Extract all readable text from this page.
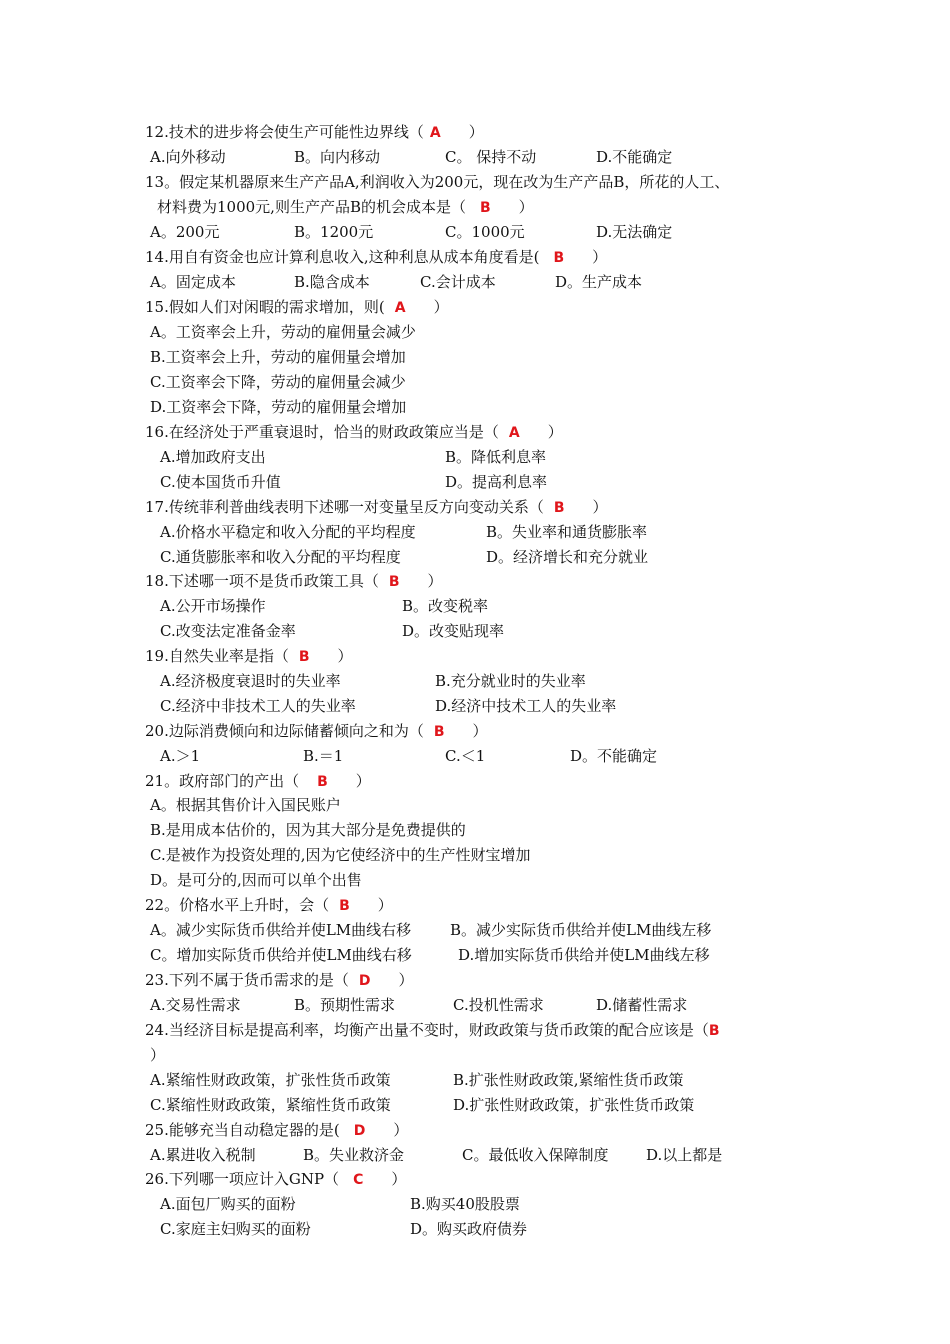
12.技术的进步将会使生产可能性边界线（ A ）
A.向外移动	B。向内移动	C。 保持不动	D.不能确定
13。假定某机器原来生产产品A,利润收入为200元，现在改为生产产品B，所花的人工、
材料费为1000元,则生产产品B的机会成本是（ B ）
A。200元	B。1200元	C。1000元	D.无法确定
14.用自有资金也应计算利息收入,这种利息从成本角度看是( B ）
A。固定成本	B.隐含成本	C.会计成本	D。生产成本
15.假如人们对闲暇的需求增加，则( A ）
A。工资率会上升，劳动的雇佣量会减少
B.工资率会上升，劳动的雇佣量会增加
C.工资率会下降，劳动的雇佣量会减少
D.工资率会下降，劳动的雇佣量会增加
16.在经济处于严重衰退时，恰当的财政政策应当是（ A ）
A.增加政府支出	B。降低利息率
C.使本国货币升值	D。提高利息率
17.传统菲利普曲线表明下述哪一对变量呈反方向变动关系（ B ）
A.价格水平稳定和收入分配的平均程度	B。失业率和通货膨胀率
C.通货膨胀率和收入分配的平均程度	D。经济增长和充分就业
18.下述哪一项不是货币政策工具（ B ）
A.公开市场操作	B。改变税率
C.改变法定准备金率	D。改变贴现率
19.自然失业率是指（ B ）
A.经济极度衰退时的失业率	B.充分就业时的失业率
C.经济中非技术工人的失业率	D.经济中技术工人的失业率
20.边际消费倾向和边际储蓄倾向之和为（ B ）
A.＞1	B.＝1	C.＜1	D。不能确定
21。政府部门的产出（ B ）
A。根据其售价计入国民账户
B.是用成本估价的，因为其大部分是免费提供的
C.是被作为投资处理的,因为它使经济中的生产性财宝增加
D。是可分的,因而可以单个出售
22。价格水平上升时，会（ B ）
A。减少实际货币供给并使LM曲线右移	B。减少实际货币供给并使LM曲线左移
C。增加实际货币供给并使LM曲线右移	D.增加实际货币供给并使LM曲线左移
23.下列不属于货币需求的是（ D ）
A.交易性需求	B。预期性需求	C.投机性需求	D.储蓄性需求
24.当经济目标是提高利率，均衡产出量不变时，财政政策与货币政策的配合应该是（B
）
A.紧缩性财政政策，扩张性货币政策	B.扩张性财政政策,紧缩性货币政策
C.紧缩性财政政策，紧缩性货币政策	D.扩张性财政政策，扩张性货币政策
25.能够充当自动稳定器的是( D ）
A.累进收入税制	B。失业救济金	C。最低收入保障制度	D.以上都是
26.下列哪一项应计入GNP（ C ）
A.面包厂购买的面粉	B.购买40股股票
C.家庭主妇购买的面粉	D。购买政府债券
